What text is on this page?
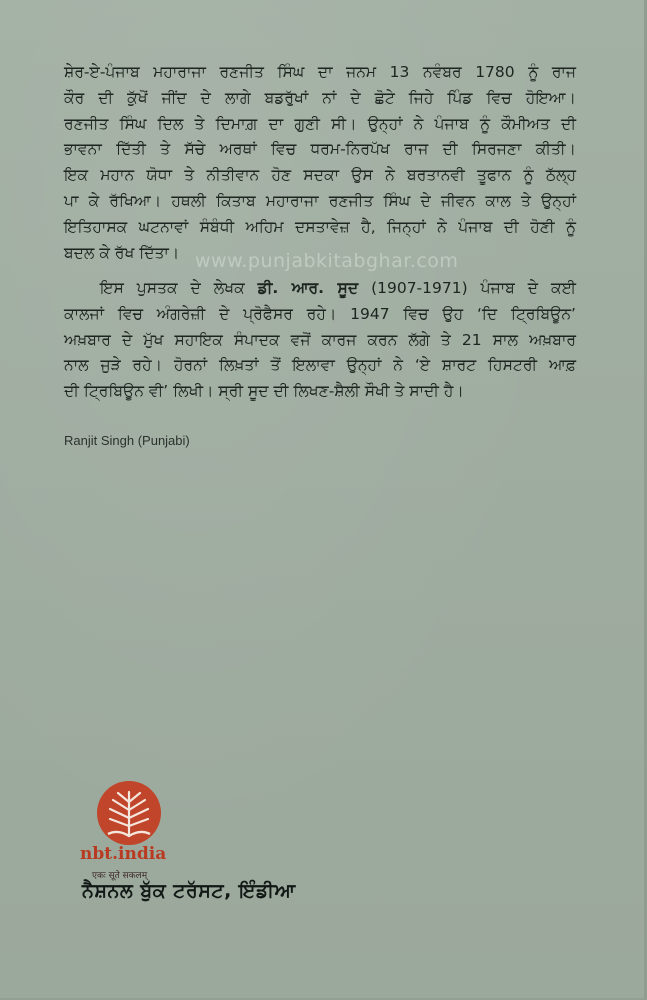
ਸ਼ੇਰ-ਏ-ਪੰਜਾਬ ਮਹਾਰਾਜਾ ਰਣਜੀਤ ਸਿੰਘ ਦਾ ਜਨਮ 13 ਨਵੰਬਰ 1780 ਨੂੰ ਰਾਜ

ਕੌਰ ਦੀ ਕੁੱਖੋਂ ਜੀਂਦ ਦੇ ਲਾਗੇ ਬਡਰੁੱਖਾਂ ਨਾਂ ਦੇ ਛੋਟੇ ਜਿਹੇ ਪਿੰਡ ਵਿਚ ਹੋਇਆ।

ਰਣਜੀਤ ਸਿੰਘ ਦਿਲ ਤੇ ਦਿਮਾਗ਼ ਦਾ ਗੁਣੀ ਸੀ। ਉਨ੍ਹਾਂ ਨੇ ਪੰਜਾਬ ਨੂੰ ਕੌਮੀਅਤ ਦੀ

ਭਾਵਨਾ ਦਿੱਤੀ ਤੇ ਸੱਚੇ ਅਰਥਾਂ ਵਿਚ ਧਰਮ-ਨਿਰਪੱਖ ਰਾਜ ਦੀ ਸਿਰਜਣਾ ਕੀਤੀ।

ਇਕ ਮਹਾਨ ਯੋਧਾ ਤੇ ਨੀਤੀਵਾਨ ਹੋਣ ਸਦਕਾ ਉਸ ਨੇ ਬਰਤਾਨਵੀ ਤੂਫਾਨ ਨੂੰ ਠੱਲ੍ਹ

ਪਾ ਕੇ ਰੱਖਿਆ। ਹਥਲੀ ਕਿਤਾਬ ਮਹਾਰਾਜਾ ਰਣਜੀਤ ਸਿੰਘ ਦੇ ਜੀਵਨ ਕਾਲ ਤੇ ਉਨ੍ਹਾਂ

ਇਤਿਹਾਸਕ ਘਟਨਾਵਾਂ ਸੰਬੰਧੀ ਅਹਿਮ ਦਸਤਾਵੇਜ਼ ਹੈ, ਜਿਨ੍ਹਾਂ ਨੇ ਪੰਜਾਬ ਦੀ ਹੋਣੀ ਨੂੰ

ਬਦਲ ਕੇ ਰੱਖ ਦਿੱਤਾ। www.punjabkitabghar.com

ਇਸ ਪੁਸਤਕ ਦੇ ਲੇਖਕ ਡੀ. ਆਰ. ਸੂਦ (1907-1971) ਪੰਜਾਬ ਦੇ ਕਈ

ਕਾਲਜਾਂ ਵਿਚ ਅੰਗਰੇਜ਼ੀ ਦੇ ਪ੍ਰੋਫੈਸਰ ਰਹੇ। 1947 ਵਿਚ ਉਹ ‘ਦਿ ਟ੍ਰਿਬਿਊਨ’

ਅਖ਼ਬਾਰ ਦੇ ਮੁੱਖ ਸਹਾਇਕ ਸੰਪਾਦਕ ਵਜੋਂ ਕਾਰਜ ਕਰਨ ਲੱਗੇ ਤੇ 21 ਸਾਲ ਅਖ਼ਬਾਰ

ਨਾਲ ਜੁੜੇ ਰਹੇ। ਹੋਰਨਾਂ ਲਿਖ਼ਤਾਂ ਤੋਂ ਇਲਾਵਾ ਉਨ੍ਹਾਂ ਨੇ ‘ਏ ਸ਼ਾਰਟ ਹਿਸਟਰੀ ਆਫ਼

ਦੀ ਟ੍ਰਿਬਿਊਨ ਵੀ’ ਲਿਖੀ। ਸ੍ਰੀ ਸੂਦ ਦੀ ਲਿਖਣ-ਸ਼ੈਲੀ ਸੌਖੀ ਤੇ ਸਾਦੀ ਹੈ।

Ranjit Singh (Punjabi)
nbt.india
एकः सूते सकलम्
ਨੈਸ਼ਨਲ ਬੁੱਕ ਟਰੱਸਟ, ਇੰਡੀਆ
